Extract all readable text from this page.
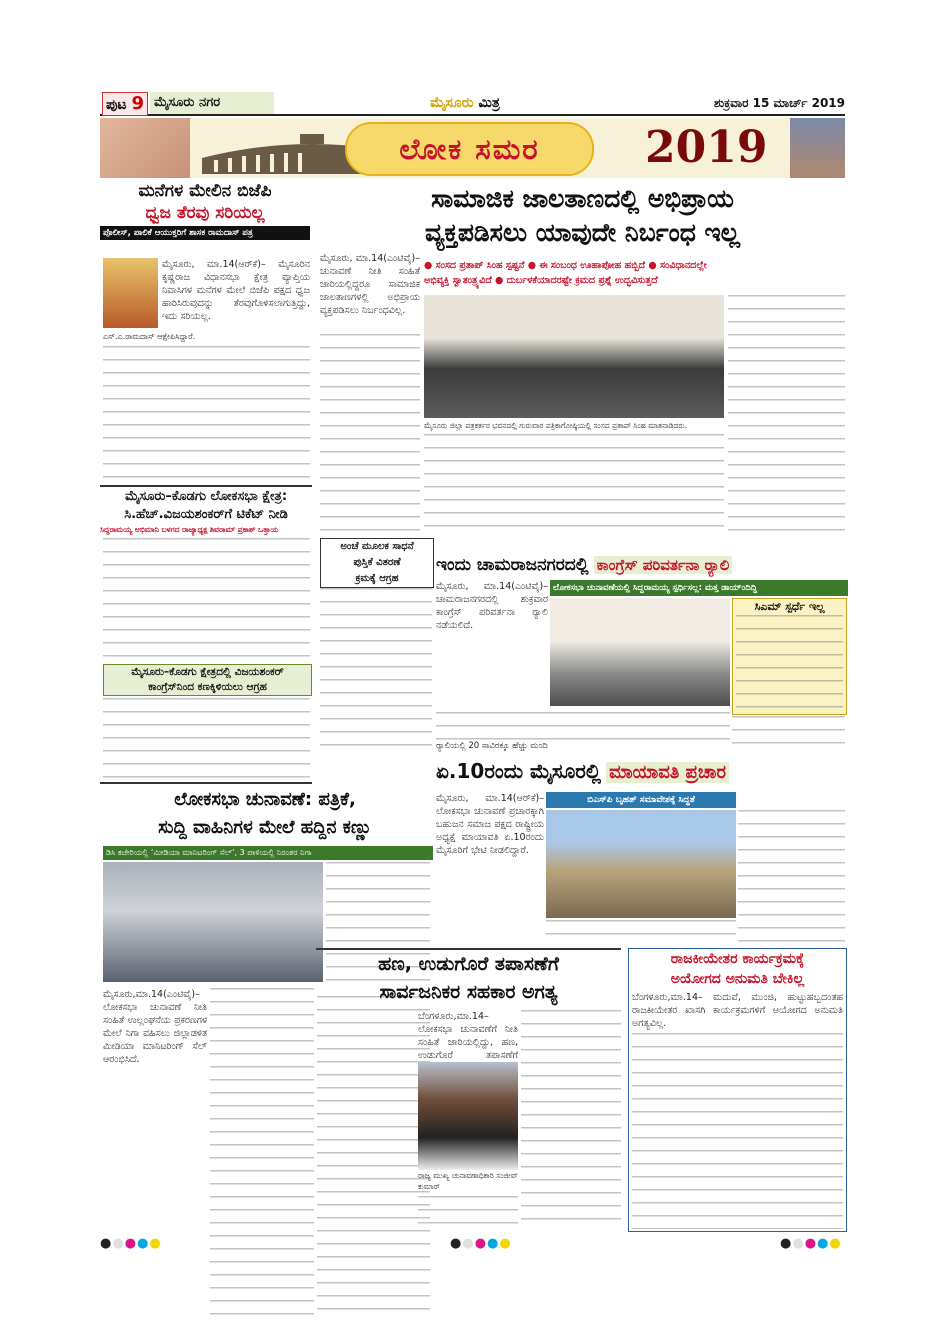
ಪುಟ 9 ಮೈಸೂರು ನಗರ	ಮೈಸೂರು ಮಿತ್ರ	ಶುಕ್ರವಾರ 15 ಮಾರ್ಚ್ 2019
ಲೋಕ ಸಮರ	2019
ಮನೆಗಳ ಮೇಲಿನ ಬಿಜೆಪಿ
ಧ್ವಜ ತೆರವು ಸರಿಯಲ್ಲ
ಪೊಲೀಸ್, ಪಾಲಿಕೆ ಆಯುಕ್ತರಿಗೆ ಶಾಸಕ ರಾಮದಾಸ್ ಪತ್ರ
ಮೈಸೂರು, ಮಾ.14(ಆರ್‌ಕೆ)– ಮೈಸೂರಿನ ಕೃಷ್ಣರಾಜ ವಿಧಾನಸಭಾ ಕ್ಷೇತ್ರ ವ್ಯಾಪ್ತಿಯ ನಿವಾಸಿಗಳ ಮನೆಗಳ ಮೇಲೆ ಬಿಜೆಪಿ ಪಕ್ಷದ ಧ್ವಜ ಹಾರಿಸಿರುವುದನ್ನು ತೆರವುಗೊಳಿಸಲಾಗುತ್ತಿದ್ದು, ಇದು ಸರಿಯಲ್ಲ.
ಎಸ್.ಎ.ರಾಮದಾಸ್ ಆಕ್ಷೇಪಿಸಿದ್ದಾರೆ.
ಮೈಸೂರು–ಕೊಡಗು ಲೋಕಸಭಾ ಕ್ಷೇತ್ರ:
ಸಿ.ಹೆಚ್.ವಿಜಯಶಂಕರ್‌ಗೆ ಟಿಕೆಟ್ ನೀಡಿ
ಸಿದ್ದರಾಮಯ್ಯ ಅಭಿಮಾನಿ ಬಳಗದ ರಾಜ್ಯಾಧ್ಯಕ್ಷ ಶಿವರಾಮ್ ಪ್ರಕಾಶ್ ಒತ್ತಾಯ
ಮೈಸೂರು–ಕೊಡಗು ಕ್ಷೇತ್ರದಲ್ಲಿ ವಿಜಯಶಂಕರ್
ಕಾಂಗ್ರೆಸ್‌ನಿಂದ ಕಣಕ್ಕಿಳಿಯಲು ಆಗ್ರಹ
ಸಾಮಾಜಿಕ ಜಾಲತಾಣದಲ್ಲಿ ಅಭಿಪ್ರಾಯ
ವ್ಯಕ್ತಪಡಿಸಲು ಯಾವುದೇ ನಿರ್ಬಂಧ ಇಲ್ಲ
ಮೈಸೂರು, ಮಾ.14(ಎಂಟಿವೈ)– ಚುನಾವಣೆ ನೀತಿ ಸಂಹಿತೆ ಜಾರಿಯಲ್ಲಿದ್ದರೂ ಸಾಮಾಜಿಕ ಜಾಲತಾಣಗಳಲ್ಲಿ ಅಭಿಪ್ರಾಯ ವ್ಯಕ್ತಪಡಿಸಲು ನಿರ್ಬಂಧವಿಲ್ಲ.
● ಸಂಸದ ಪ್ರತಾಪ್ ಸಿಂಹ ಸ್ಪಷ್ಟನೆ ● ಈ ಸಂಬಂಧ ಊಹಾಪೋಹ ಹಬ್ಬಿದೆ ● ಸಂವಿಧಾನದಲ್ಲೇ
ಅಭಿವ್ಯಕ್ತಿ ಸ್ವಾತಂತ್ರ್ಯವಿದೆ ● ದುರ್ಬಳಕೆಯಾದರಷ್ಟೇ ಕ್ರಮದ ಪ್ರಶ್ನೆ ಉದ್ಭವಿಸುತ್ತದೆ
ಮೈಸೂರು ಜಿಲ್ಲಾ ಪತ್ರಕರ್ತರ ಭವನದಲ್ಲಿ ಗುರುವಾರ ಪತ್ರಿಕಾಗೋಷ್ಠಿಯಲ್ಲಿ ಸಂಸದ ಪ್ರತಾಪ್ ಸಿಂಹ ಮಾತನಾಡಿದರು.
ಅಂಚೆ ಮೂಲಕ ಸಾಧನೆ
ಪುಸ್ತಿಕೆ ವಿತರಣೆ
ಕ್ರಮಕ್ಕೆ ಆಗ್ರಹ
ಇಂದು ಚಾಮರಾಜನಗರದಲ್ಲಿ ಕಾಂಗ್ರೆಸ್ ಪರಿವರ್ತನಾ ರ‍್ಯಾಲಿ
ಮೈಸೂರು, ಮಾ.14(ಎಂಟಿವೈ)– ಚಾಮರಾಜನಗರದಲ್ಲಿ ಶುಕ್ರವಾರ ಕಾಂಗ್ರೆಸ್ ಪರಿವರ್ತನಾ ರ‍್ಯಾಲಿ ನಡೆಯಲಿದೆ.
ಲೋಕಸಭಾ ಚುನಾವಣೆಯಲ್ಲಿ ಸಿದ್ದರಾಮಯ್ಯ ಸ್ಪರ್ಧಿಸಲ್ಲ: ಮತ್ತ ಡಾಯ್ಂದಿದ್ದಿ
ಸಿಎಮ್ ಸ್ಪರ್ಧೆ ಇಲ್ಲ
ರ‍್ಯಾಲಿಯಲ್ಲಿ 20 ಸಾವಿರಕ್ಕೂ ಹೆಚ್ಚು ಮಂದಿ
ಲೋಕಸಭಾ ಚುನಾವಣೆ: ಪತ್ರಿಕೆ,
ಸುದ್ದಿ ವಾಹಿನಿಗಳ ಮೇಲೆ ಹದ್ದಿನ ಕಣ್ಣು
ಡಿಸಿ ಕಚೇರಿಯಲ್ಲಿ ‘ಮೀಡಿಯಾ ಮಾನಿಟರಿಂಗ್ ಸೆಲ್’, 3 ಪಾಳಿಯಲ್ಲಿ ನಿರಂತರ ನಿಗಾ
ಮೈಸೂರು,ಮಾ.14(ಎಂಟಿವೈ)– ಲೋಕಸಭಾ ಚುನಾವಣೆ ನೀತಿ ಸಂಹಿತೆ ಉಲ್ಲಂಘನೆಯ ಪ್ರಕರಣಗಳ ಮೇಲೆ ನಿಗಾ ವಹಿಸಲು ಜಿಲ್ಲಾಡಳಿತ ಮೀಡಿಯಾ ಮಾನಿಟರಿಂಗ್ ಸೆಲ್ ಆರಂಭಿಸಿದೆ.
ಏ.10ರಂದು ಮೈಸೂರಲ್ಲಿ ಮಾಯಾವತಿ ಪ್ರಚಾರ
ಮೈಸೂರು, ಮಾ.14(ಆರ್‌ಕೆ)– ಲೋಕಸಭಾ ಚುನಾವಣೆ ಪ್ರಚಾರಕ್ಕಾಗಿ ಬಹುಜನ ಸಮಾಜ ಪಕ್ಷದ ರಾಷ್ಟ್ರೀಯ ಅಧ್ಯಕ್ಷೆ ಮಾಯಾವತಿ ಏ.10ರಂದು ಮೈಸೂರಿಗೆ ಭೇಟಿ ನೀಡಲಿದ್ದಾರೆ.
ಬಿಎಸ್‌ಪಿ ಬೃಹತ್ ಸಮಾವೇಶಕ್ಕೆ ಸಿದ್ಧತೆ
ಹಣ, ಉಡುಗೊರೆ ತಪಾಸಣೆಗೆ
ಸಾರ್ವಜನಿಕರ ಸಹಕಾರ ಅಗತ್ಯ
ಬೆಂಗಳೂರು,ಮಾ.14– ಲೋಕಸಭಾ ಚುನಾವಣೆಗೆ ನೀತಿ ಸಂಹಿತೆ ಜಾರಿಯಲ್ಲಿದ್ದು, ಹಣ, ಉಡುಗೊರೆ ತಪಾಸಣೆಗೆ
ರಾಜ್ಯ ಮುಖ್ಯ ಚುನಾವಣಾಧಿಕಾರಿ ಸಂಜೀವ್ ಕುಮಾರ್
ರಾಜಕೀಯೇತರ ಕಾರ್ಯಕ್ರಮಕ್ಕೆ
ಅಯೋಗದ ಅನುಮತಿ ಬೇಕಿಲ್ಲ
ಬೆಂಗಳೂರು,ಮಾ.14– ಮದುವೆ, ಮುಂಜಿ, ಹುಟ್ಟುಹಬ್ಬದಂತಹ ರಾಜಕೀಯೇತರ ಖಾಸಗಿ ಕಾರ್ಯಕ್ರಮಗಳಿಗೆ ಆಯೋಗದ ಅನುಮತಿ ಅಗತ್ಯವಿಲ್ಲ.
●●●●●	●●●●●	●●●●●
